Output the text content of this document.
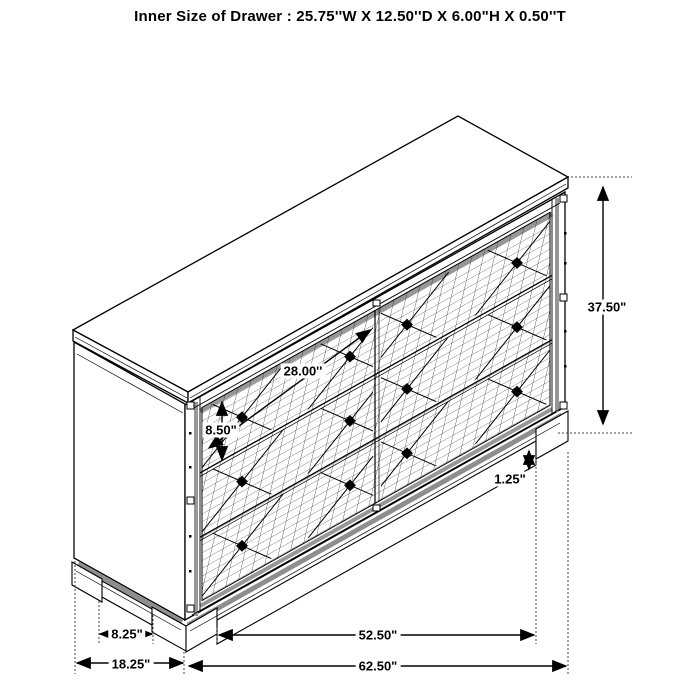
Inner Size of Drawer : 25.75''W X 12.50''D X 6.00"H X 0.50''T
37.50"
28.00''
8.50"
1.25"
8.25"
18.25"
52.50"
62.50"
